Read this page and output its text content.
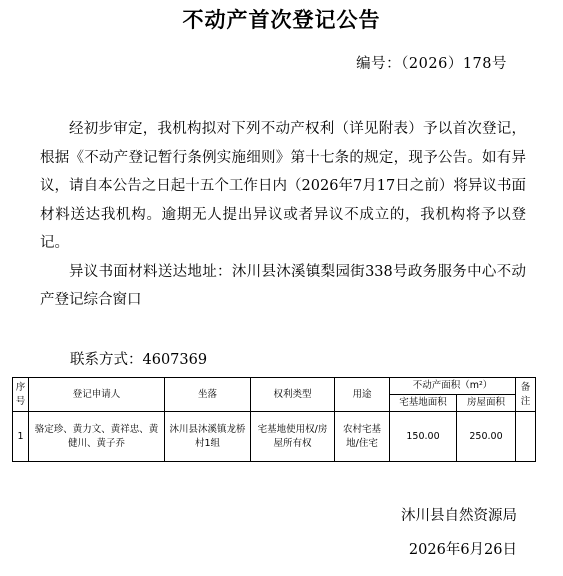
不动产首次登记公告
编号：（2026）178号

经初步审定，我机构拟对下列不动产权利（详见附表）予以首次登记，根据《不动产登记暂行条例实施细则》第十七条的规定，现予公告。如有异议，请自本公告之日起十五个工作日内（2026年7月17日之前）将异议书面材料送达我机构。逾期无人提出异议或者异议不成立的，我机构将予以登记。

异议书面材料送达地址：沐川县沐溪镇梨园街338号政务服务中心不动产登记综合窗口

联系方式：4607369
序号	登记申请人	坐落	权利类型	用途	不动产面积（m²）		备注
					宅基地面积	房屋面积	
1	骆定珍、黄力文、黄祥忠、黄健川、黄子乔	沐川县沐溪镇龙桥村1组	宅基地使用权/房屋所有权	农村宅基地/住宅	150.00	250.00	
沐川县自然资源局
2026年6月26日
